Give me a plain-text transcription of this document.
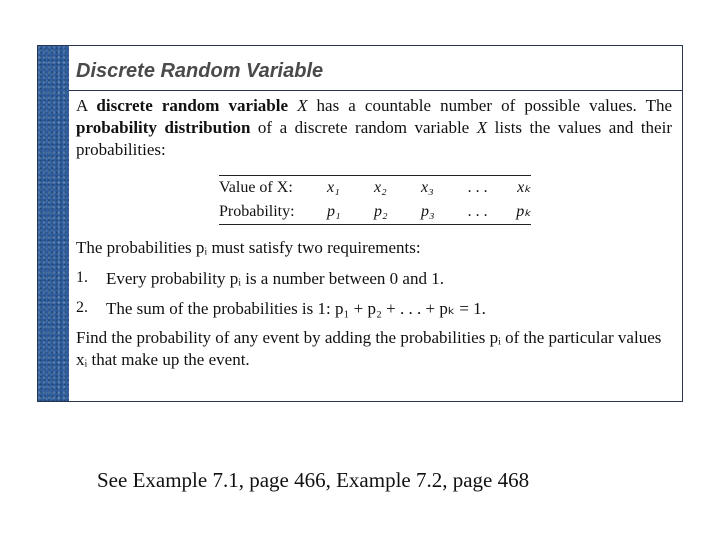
Discrete Random Variable
A discrete random variable X has a countable number of possible values. The probability distribution of a discrete random variable X lists the values and their probabilities:
Value of X:	x₁	x₂	x₃	. . .	xₖ
Probability:	p₁	p₂	p₃	. . .	pₖ
The probabilities pᵢ must satisfy two requirements:
1.	Every probability pᵢ is a number between 0 and 1.
2.	The sum of the probabilities is 1: p₁ + p₂ + . . . + pₖ = 1.
Find the probability of any event by adding the probabilities pᵢ of the particular values xᵢ that make up the event.
See Example 7.1, page 466, Example 7.2, page 468
